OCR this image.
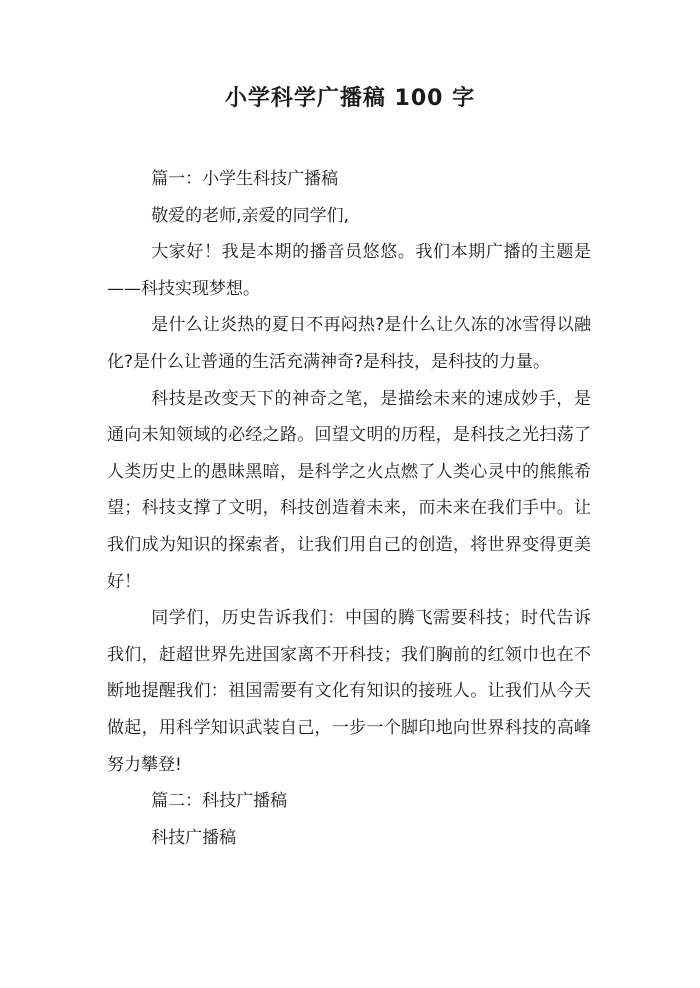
小学科学广播稿 100 字

篇一：小学生科技广播稿

敬爱的老师,亲爱的同学们,

大家好！我是本期的播音员悠悠。我们本期广播的主题是——科技实现梦想。

是什么让炎热的夏日不再闷热?是什么让久冻的冰雪得以融化?是什么让普通的生活充满神奇?是科技，是科技的力量。

科技是改变天下的神奇之笔，是描绘未来的速成妙手，是通向未知领域的必经之路。回望文明的历程，是科技之光扫荡了人类历史上的愚昧黑暗，是科学之火点燃了人类心灵中的熊熊希望；科技支撑了文明，科技创造着未来，而未来在我们手中。让我们成为知识的探索者，让我们用自己的创造，将世界变得更美好！

同学们，历史告诉我们：中国的腾飞需要科技；时代告诉我们，赶超世界先进国家离不开科技；我们胸前的红领巾也在不断地提醒我们：祖国需要有文化有知识的接班人。让我们从今天做起，用科学知识武装自己，一步一个脚印地向世界科技的高峰努力攀登!

篇二：科技广播稿

科技广播稿
